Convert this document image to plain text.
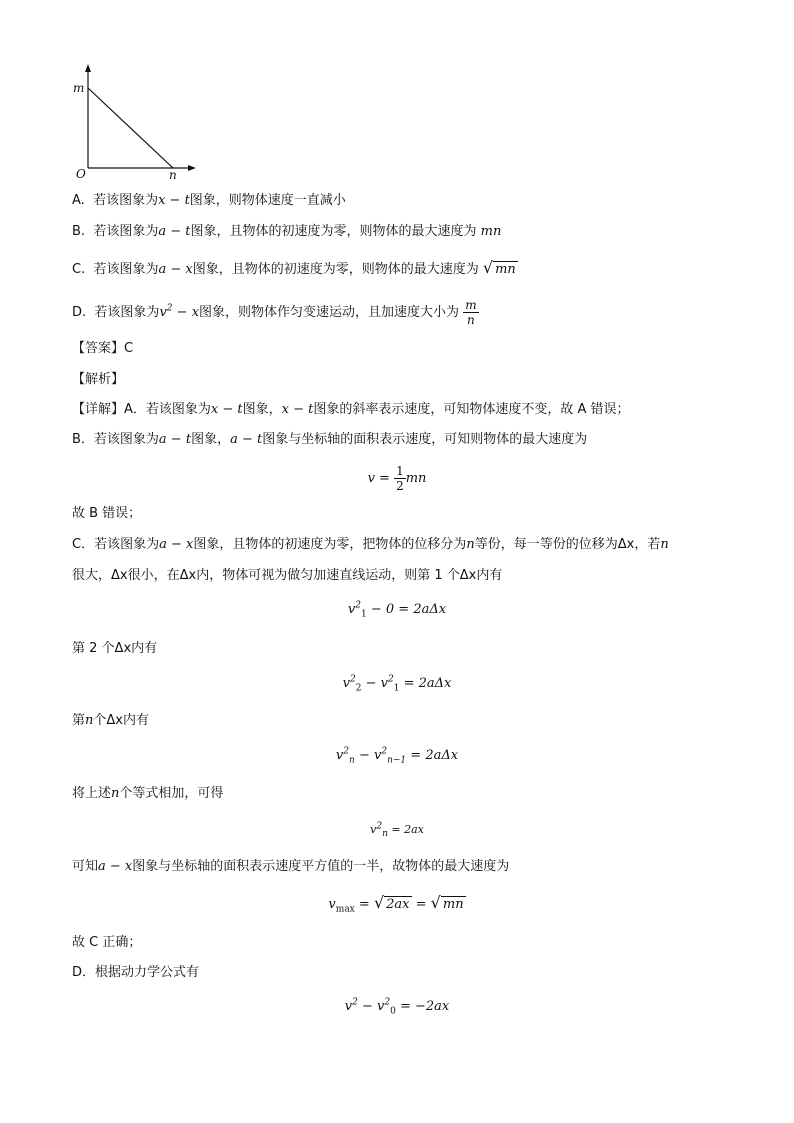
m
O	n
A. 若该图象为x − t图象，则物体速度一直减小
B. 若该图象为a − t图象，且物体的初速度为零，则物体的最大速度为 mn
C. 若该图象为a − x图象，且物体的初速度为零，则物体的最大速度为 √ mn
D. 若该图象为$v^2 - x$图象，则物体作匀变速运动，且加速度大小为 $\frac{m}{n}$
【答案】C
【解析】
【详解】A．若该图象为x − t图象，x − t图象的斜率表示速度，可知物体速度不变，故 A 错误；
B．若该图象为a − t图象，a − t图象与坐标轴的面积表示速度，可知则物体的最大速度为
$v = \frac{1}{2}$ mn
故 B 错误；
C．若该图象为a − x图象，且物体的初速度为零，把物体的位移分为n等份，每一等份的位移为Δx，若n
很大，Δx很小，在Δx内，物体可视为做匀加速直线运动，则第 1 个Δx内有
$v^2_1 - 0 = 2a\Delta x$
第 2 个Δx内有
$v^2_2 - v^2_1 = 2a\Delta x$
第n个Δx内有
$v^2_n - v^2_{n-1} = 2a\Delta x$
将上述n个等式相加，可得
$v^2_n = 2ax$
可知a − x图象与坐标轴的面积表示速度平方值的一半，故物体的最大速度为
$v_{max}$ = √ 2ax = √ mn
故 C 正确；
D．根据动力学公式有
$v^2 - v^2_0 = -2ax$
